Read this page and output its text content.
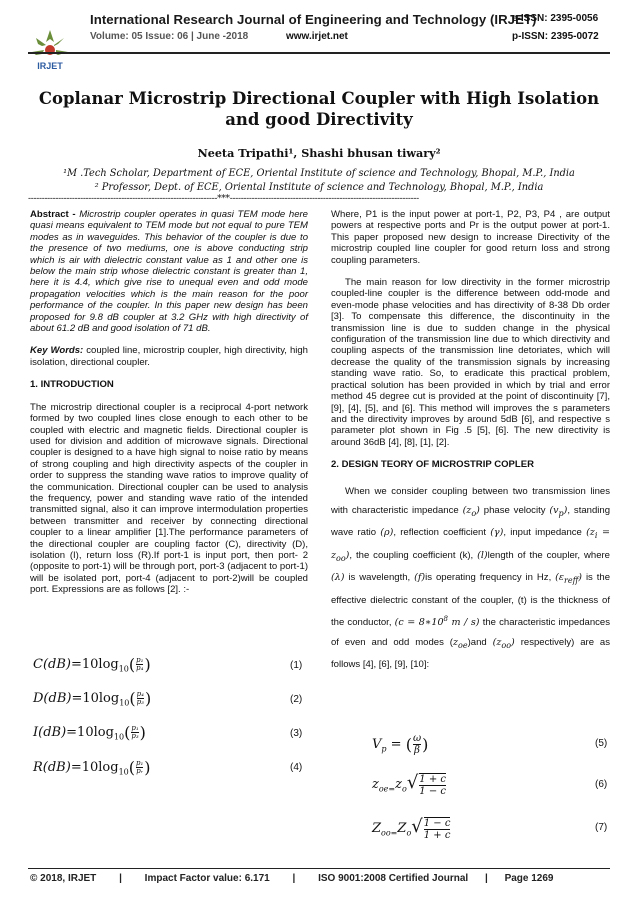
IRJET
International Research Journal of Engineering and Technology (IRJET)
e-ISSN: 2395-0056
Volume: 05 Issue: 06 | June -2018	www.irjet.net	p-ISSN: 2395-0072
Coplanar Microstrip Directional Coupler with High Isolation and good Directivity
Neeta Tripathi¹, Shashi bhusan tiwary²
¹M .Tech Scholar, Department of ECE, Oriental Institute of science and Technology, Bhopal, M.P., India
² Professor, Dept. of ECE, Oriental Institute of science and Technology, Bhopal, M.P., India
---------------------------------------------------------------------***---------------------------------------------------------------------

Abstract - Microstrip coupler operates in quasi TEM mode here quasi means equivalent to TEM mode but not equal to pure TEM modes as in waveguides. This behavior of the coupler is due to the presence of two mediums, one is above conducting strip which is air with dielectric constant value as 1 and other one is below the main strip whose dielectric constant is greater than 1, here it is 4.4, which give rise to unequal even and odd mode propagation velocities which is the main reason for the poor performance of the coupler. In this paper new design has been proposed for 9.8 dB coupler at 3.2 GHz with high directivity of about 61.2 dB and good isolation of 71 dB.

Key Words: coupled line, microstrip coupler, high directivity, high isolation, directional coupler.

1. INTRODUCTION

The microstrip directional coupler is a reciprocal 4-port network formed by two coupled lines close enough to each other to be coupled with electric and magnetic fields. Directional coupler is used for division and addition of microwave signals. Directional coupler is designed to a have high signal to noise ratio by means of strong coupling and high directivity aspects of the coupler in order to suppress the standing wave ratios to improve quality of the communication. Directional coupler can be used to analysis the frequency, power and standing wave ratio of the intended transmitted signal, also it can improve intermodulation properties between transmitter and receiver by connecting directional coupler to a linear amplifier [1].The performance parameters of the directional coupler are coupling factor (C), directivity (D), isolation (I), return loss (R).If port-1 is input port, then port- 2 (opposite to port-1) will be through port, port-3 (adjacent to port-1) will be isolated port, port-4 (adjacent to port-2)will be coupled port. Expressions are as follows [2]. :-

$C(dB)=10\log_{10}( \frac{\text{p₁}}{\text{p₄}}$ )	(1)
$D(dB)=10\log_{10}( \frac{\text{p₄}}{\text{p₃}}$ )	(2)
$I(dB)=10\log_{10}( \frac{\text{p₁}}{\text{p₃}}$ )	(3)
$R(dB)=10\log_{10}( \frac{\text{p₁}}{\text{pᵣ}}$ )	(4)

Where, P1 is the input power at port-1, P2, P3, P4 , are output powers at respective ports and Pr is the output power at port-1. This paper proposed new design to increase Directivity of the microstrip coupled line coupler for good return loss and strong coupling parameters.

The main reason for low directivity in the former microstrip coupled-line coupler is the difference between odd-mode and even-mode phase velocities and has directivity of 8-38 Db order [3]. To compensate this difference, the discontinuity in the transmission line is due to sudden change in the physical configuration of the transmission line due to which directivity and coupling aspects of the transmission line detoriates, which will decrease the quality of the transmission signals by increasing standing wave ratio. So, to eradicate this practical problem, practical solution has been provided in which by trial and error method 45 degree cut is provided at the point of discontinuity [7], [9], [4], [5], and [6]. This method will improves the s parameters and the directivity improves by around 5dB [6], and respective s parameter plot shown in Fig .5 [5], [6]. The new directivity is around 36dB [4], [8], [1], [2].

2. DESIGN TEORY OF MICROSTRIP COPLER

When we consider coupling between two transmission lines with characteristic impedance $(z_o)$ phase velocity $(v_p)$, standing wave ratio (ρ), reflection coefficient (γ), input impedance $(z_i = z_{oo})$, the coupling coefficient (k), (l)length of the coupler, where (λ) is wavelength, (f)is operating frequency in Hz, $(\varepsilon_{reff})$ is the effective dielectric constant of the coupler, (t) is the thickness of the conductor, ($c = 8∗10^8$ m / s) the characteristic impedances of even and odd modes $(z_{oe})and$ $(z_{oo})$ respectively) are as follows [4], [6], [9], [10]:

$V_p$ = ( $\frac{\omega}{\beta}$ )	(5)
$z_{oe=}z_o√ \frac{1 + c}{1 - c}$	(6)
$Z_{oo=}Z_o√ \frac{1 - c}{1 + c}$	(7)
© 2018, IRJET | Impact Factor value: 6.171 | ISO 9001:2008 Certified Journal | Page 1269
